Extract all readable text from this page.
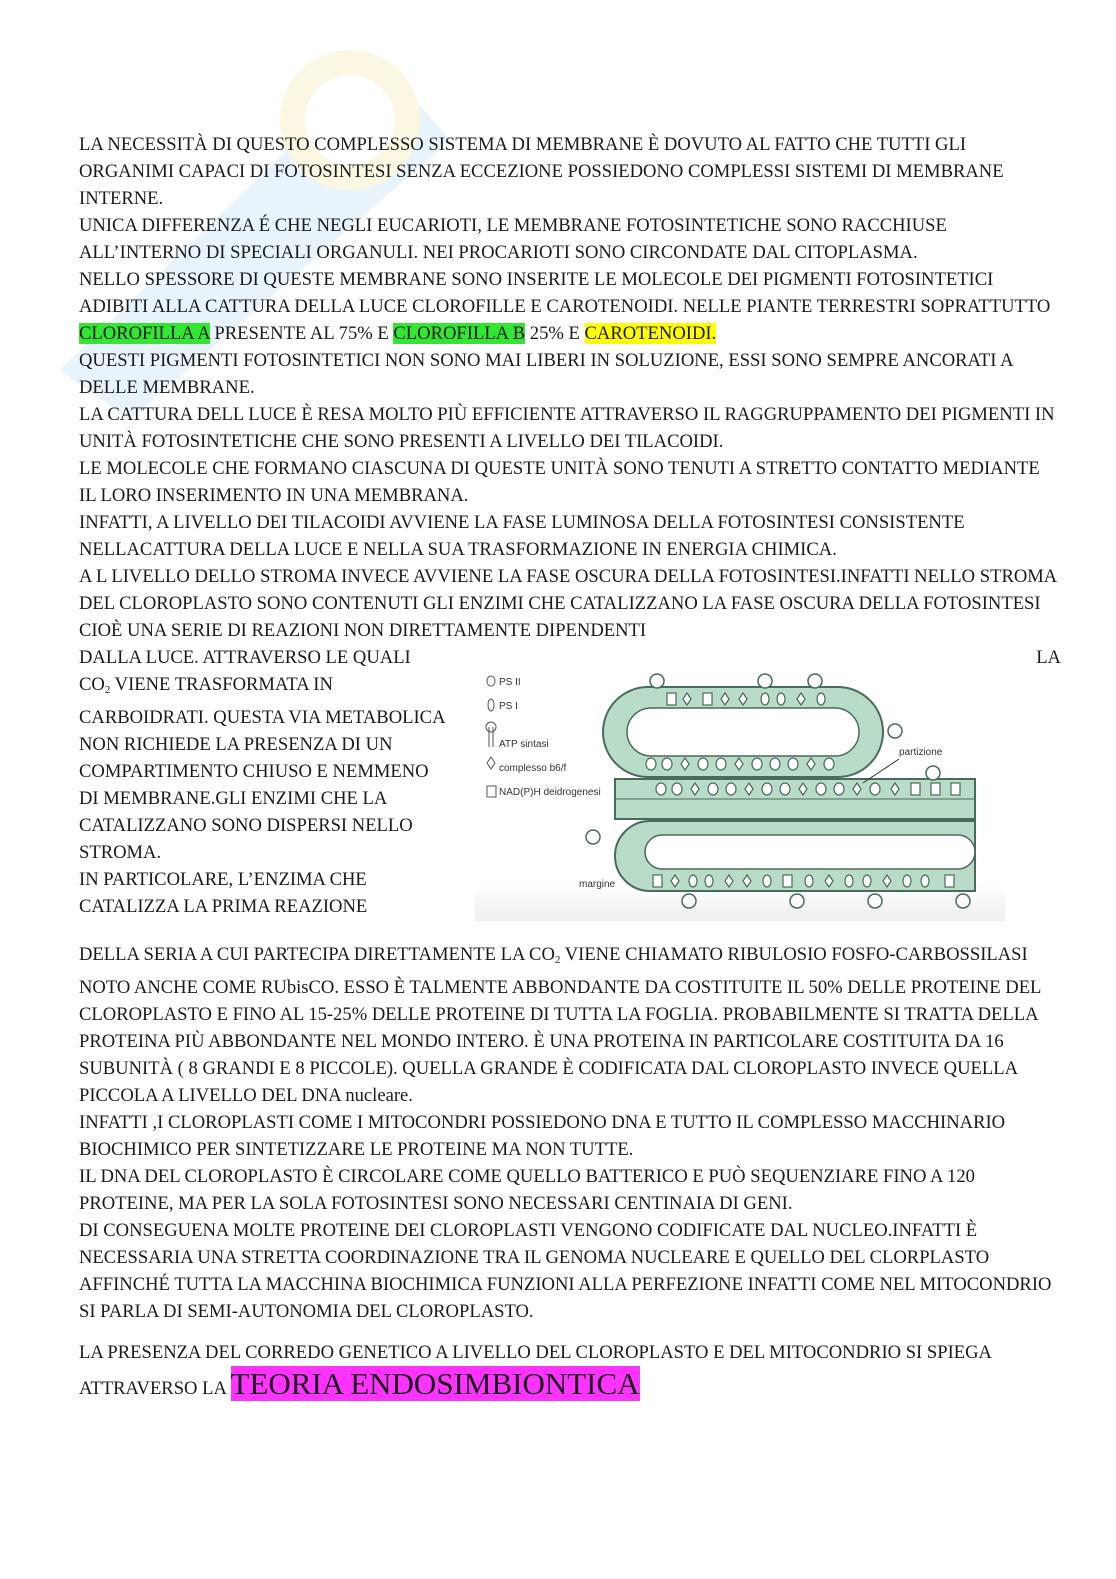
LA NECESSITÀ DI QUESTO COMPLESSO SISTEMA DI MEMBRANE È DOVUTO AL FATTO CHE TUTTI GLI ORGANIMI CAPACI DI FOTOSINTESI SENZA ECCEZIONE POSSIEDONO COMPLESSI SISTEMI DI MEMBRANE INTERNE.

UNICA DIFFERENZA É CHE NEGLI EUCARIOTI, LE MEMBRANE FOTOSINTETICHE SONO RACCHIUSE ALL’INTERNO DI SPECIALI ORGANULI. NEI PROCARIOTI SONO CIRCONDATE DAL CITOPLASMA.

NELLO SPESSORE DI QUESTE MEMBRANE SONO INSERITE LE MOLECOLE DEI PIGMENTI FOTOSINTETICI ADIBITI ALLA CATTURA DELLA LUCE CLOROFILLE E CAROTENOIDI. NELLE PIANTE TERRESTRI SOPRATTUTTO CLOROFILLA A PRESENTE AL 75% E CLOROFILLA B 25% E CAROTENOIDI.

QUESTI PIGMENTI FOTOSINTETICI NON SONO MAI LIBERI IN SOLUZIONE, ESSI SONO SEMPRE ANCORATI A DELLE MEMBRANE.

LA CATTURA DELL LUCE È RESA MOLTO PIÙ EFFICIENTE ATTRAVERSO IL RAGGRUPPAMENTO DEI PIGMENTI IN UNITÀ FOTOSINTETICHE CHE SONO PRESENTI A LIVELLO DEI TILACOIDI.

LE MOLECOLE CHE FORMANO CIASCUNA DI QUESTE UNITÀ SONO TENUTI A STRETTO CONTATTO MEDIANTE IL LORO INSERIMENTO IN UNA MEMBRANA.

INFATTI, A LIVELLO DEI TILACOIDI AVVIENE LA FASE LUMINOSA DELLA FOTOSINTESI CONSISTENTE NELLACATTURA DELLA LUCE E NELLA SUA TRASFORMAZIONE IN ENERGIA CHIMICA.

A L LIVELLO DELLO STROMA INVECE AVVIENE LA FASE OSCURA DELLA FOTOSINTESI.INFATTI NELLO STROMA DEL CLOROPLASTO SONO CONTENUTI GLI ENZIMI CHE CATALIZZANO LA FASE OSCURA DELLA FOTOSINTESI CIOÈ UNA SERIE DI REAZIONI NON DIRETTAMENTE DIPENDENTI

DALLA LUCE. ATTRAVERSO LE QUALI	LA

$CO_2$ VIENE TRASFORMATA IN CARBOIDRATI. QUESTA VIA METABOLICA NON RICHIEDE LA PRESENZA DI UN COMPARTIMENTO CHIUSO E NEMMENO DI MEMBRANE.GLI ENZIMI CHE LA CATALIZZANO SONO DISPERSI NELLO STROMA.

IN PARTICOLARE, L’ENZIMA CHE CATALIZZA LA PRIMA REAZIONE

PS II
PS I
ATP sintasi
complesso b6/f
NAD(P)H deidrogenesi
partizione
margine

DELLA SERIA A CUI PARTECIPA DIRETTAMENTE LA $CO_2$ VIENE CHIAMATO RIBULOSIO FOSFO-CARBOSSILASI NOTO ANCHE COME RUbisCO. ESSO È TALMENTE ABBONDANTE DA COSTITUITE IL 50% DELLE PROTEINE DEL CLOROPLASTO E FINO AL 15-25% DELLE PROTEINE DI TUTTA LA FOGLIA. PROBABILMENTE SI TRATTA DELLA PROTEINA PIÙ ABBONDANTE NEL MONDO INTERO. È UNA PROTEINA IN PARTICOLARE COSTITUITA DA 16 SUBUNITÀ ( 8 GRANDI E 8 PICCOLE). QUELLA GRANDE È CODIFICATA DAL CLOROPLASTO INVECE QUELLA PICCOLA A LIVELLO DEL DNA nucleare.

INFATTI ,I CLOROPLASTI COME I MITOCONDRI POSSIEDONO DNA E TUTTO IL COMPLESSO MACCHINARIO BIOCHIMICO PER SINTETIZZARE LE PROTEINE MA NON TUTTE.

IL DNA DEL CLOROPLASTO È CIRCOLARE COME QUELLO BATTERICO E PUÒ SEQUENZIARE FINO A 120 PROTEINE, MA PER LA SOLA FOTOSINTESI SONO NECESSARI CENTINAIA DI GENI.

DI CONSEGUENA MOLTE PROTEINE DEI CLOROPLASTI VENGONO CODIFICATE DAL NUCLEO.INFATTI È NECESSARIA UNA STRETTA COORDINAZIONE TRA IL GENOMA NUCLEARE E QUELLO DEL CLORPLASTO AFFINCHÉ TUTTA LA MACCHINA BIOCHIMICA FUNZIONI ALLA PERFEZIONE INFATTI COME NEL MITOCONDRIO SI PARLA DI SEMI-AUTONOMIA DEL CLOROPLASTO.

LA PRESENZA DEL CORREDO GENETICO A LIVELLO DEL CLOROPLASTO E DEL MITOCONDRIO SI SPIEGA ATTRAVERSO LA TEORIA ENDOSIMBIONTICA
